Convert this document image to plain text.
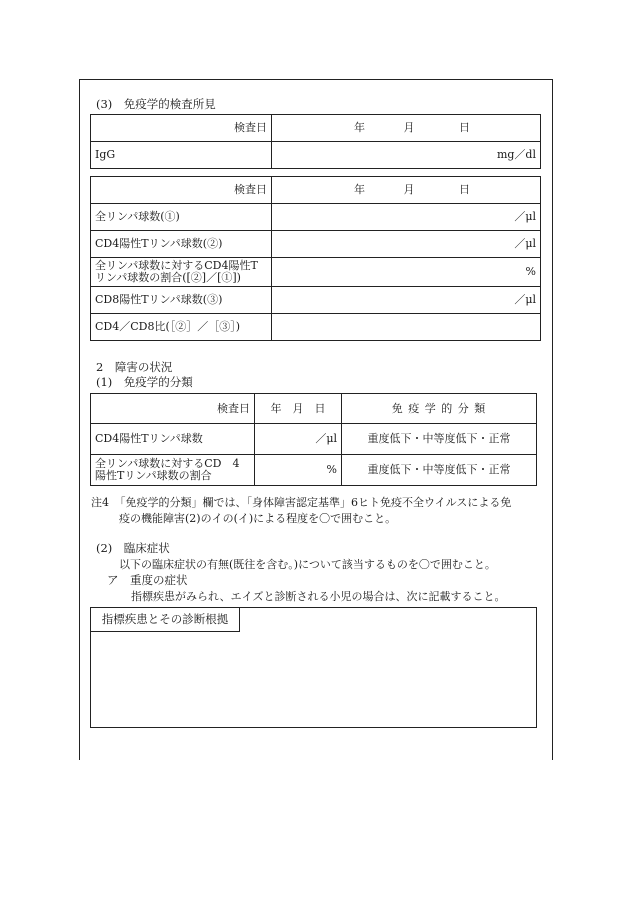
(3)　免疫学的検査所見
検査日	年 月 日

IgG	mg／dl
検査日	年 月 日

全リンパ球数(①)	／μl
CD4陽性Tリンパ球数(②)	／μl

全リンパ球数に対するCD4陽性T
リンパ球数の割合([②]／[①])	%
CD8陽性Tリンパ球数(③)	／μl
CD4／CD8比(［②］／［③］)	
2　障害の状況
(1)　免疫学的分類
検査日	年　月　日	免 疫 学 的 分 類
CD4陽性Tリンパ球数	／μl	重度低下・中等度低下・正常

全リンパ球数に対するCD　4
陽性Tリンパ球数の割合	%	重度低下・中等度低下・正常
注4　「免疫学的分類」欄では、「身体障害認定基準」6ヒト免疫不全ウイルスによる免
疫の機能障害(2)のイの(イ)による程度を〇で囲むこと。
(2)　臨床症状
以下の臨床症状の有無(既往を含む。)について該当するものを〇で囲むこと。
ア　重度の症状
指標疾患がみられ、エイズと診断される小児の場合は、次に記載すること。
指標疾患とその診断根拠
